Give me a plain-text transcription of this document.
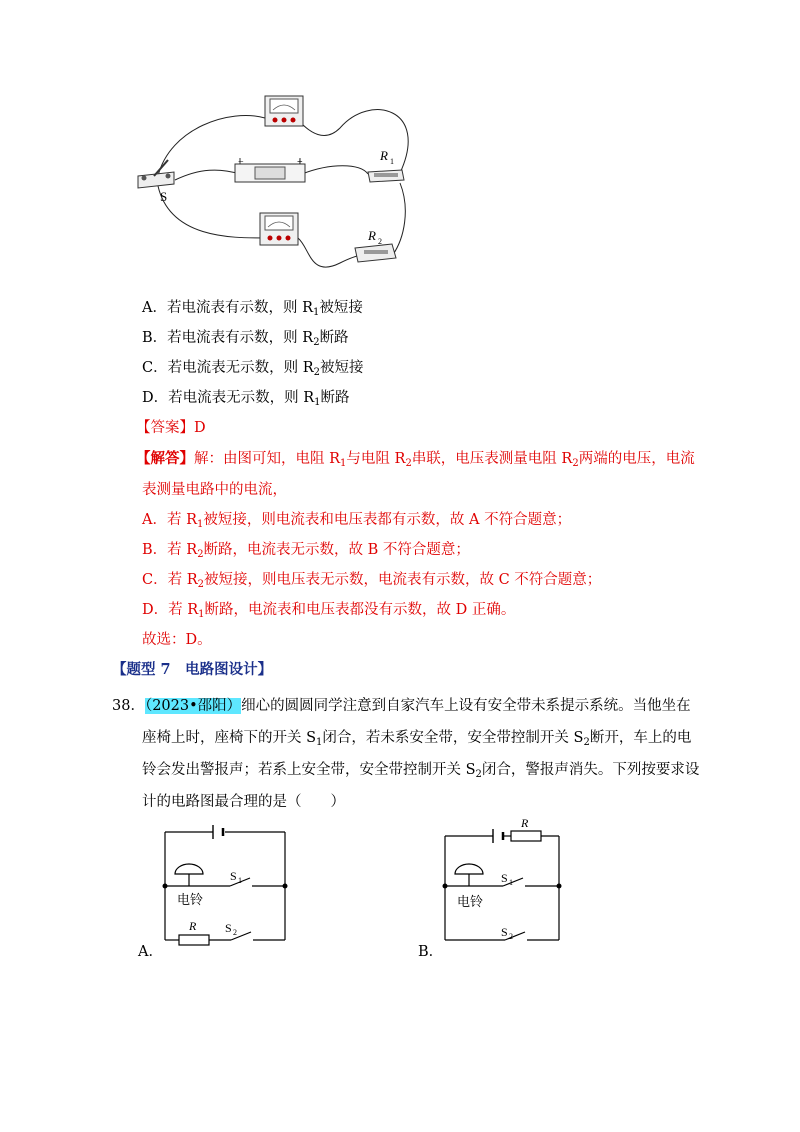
S
−	+	R 1
R 2
A．若电流表有示数，则 $R_1$被短接
B．若电流表有示数，则 $R_2$断路
C．若电流表无示数，则 $R_2$被短接
D．若电流表无示数，则 $R_1$断路
【答案】D
【解答】解：由图可知，电阻 $R_1$与电阻 $R_2$串联，电压表测量电阻 $R_2$两端的电压，电流
表测量电路中的电流，
A．若 $R_1$被短接，则电流表和电压表都有示数，故 A 不符合题意；
B．若 $R_2$断路，电流表无示数，故 B 不符合题意；
C．若 $R_2$被短接，则电压表无示数，电流表有示数，故 C 不符合题意；
D．若 $R_1$断路，电流表和电压表都没有示数，故 D 正确。
故选：D。
【题型 7　电路图设计】
38．（2023•邵阳）细心的圆圆同学注意到自家汽车上设有安全带未系提示系统。当他坐在
座椅上时，座椅下的开关 $S_1$闭合，若未系安全带，安全带控制开关 $S_2$断开，车上的电
铃会发出警报声；若系上安全带，安全带控制开关 $S_2$闭合，警报声消失。下列按要求设
计的电路图最合理的是（　　）
电铃
S 1
R S 2
A．
电铃
S 1
R
S 2
B．
